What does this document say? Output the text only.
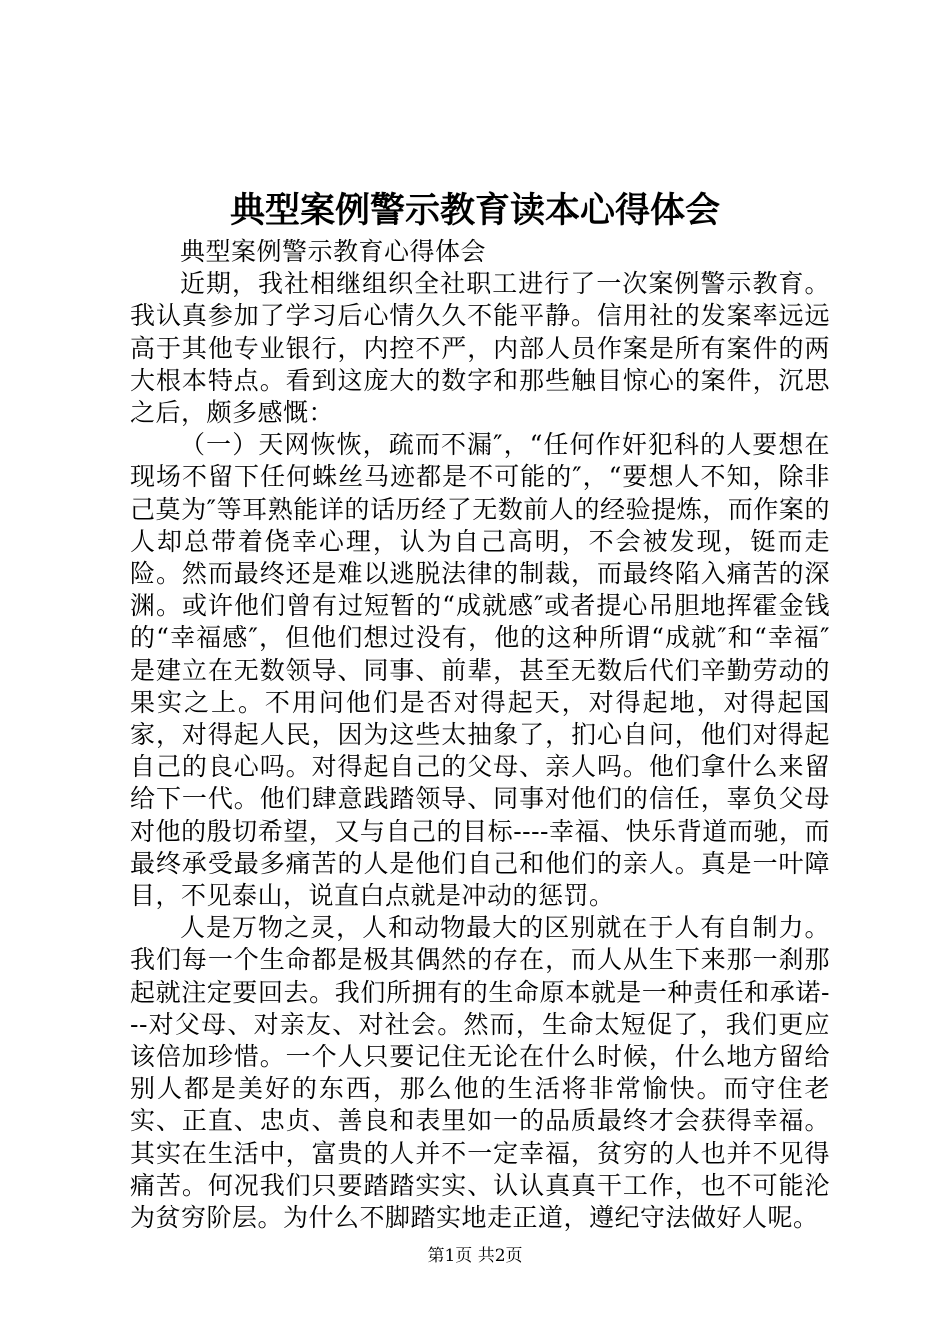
典型案例警示教育读本心得体会

典型案例警示教育心得体会

近期，我社相继组织全社职工进行了一次案例警示教育。我认真参加了学习后心情久久不能平静。信用社的发案率远远高于其他专业银行，内控不严，内部人员作案是所有案件的两大根本特点。看到这庞大的数字和那些触目惊心的案件，沉思之后，颇多感慨：

（一）天网恢恢，疏而不漏″，“任何作奸犯科的人要想在现场不留下任何蛛丝马迹都是不可能的″，“要想人不知，除非己莫为″等耳熟能详的话历经了无数前人的经验提炼，而作案的人却总带着侥幸心理，认为自己高明，不会被发现，铤而走险。然而最终还是难以逃脱法律的制裁，而最终陷入痛苦的深渊。或许他们曾有过短暂的“成就感″或者提心吊胆地挥霍金钱的“幸福感″，但他们想过没有，他的这种所谓“成就″和“幸福″是建立在无数领导、同事、前辈，甚至无数后代们辛勤劳动的果实之上。不用问他们是否对得起天，对得起地，对得起国家，对得起人民，因为这些太抽象了，扪心自问，他们对得起自己的良心吗。对得起自己的父母、亲人吗。他们拿什么来留给下一代。他们肆意践踏领导、同事对他们的信任，辜负父母对他的殷切希望，又与自己的目标----幸福、快乐背道而驰，而最终承受最多痛苦的人是他们自己和他们的亲人。真是一叶障目，不见泰山，说直白点就是冲动的惩罚。

人是万物之灵，人和动物最大的区别就在于人有自制力。我们每一个生命都是极其偶然的存在，而人从生下来那一刹那起就注定要回去。我们所拥有的生命原本就是一种责任和承诺---对父母、对亲友、对社会。然而，生命太短促了，我们更应该倍加珍惜。一个人只要记住无论在什么时候，什么地方留给别人都是美好的东西，那么他的生活将非常愉快。而守住老实、正直、忠贞、善良和表里如一的品质最终才会获得幸福。其实在生活中，富贵的人并不一定幸福，贫穷的人也并不见得痛苦。何况我们只要踏踏实实、认认真真干工作，也不可能沦为贫穷阶层。为什么不脚踏实地走正道，遵纪守法做好人呢。

第1页 共2页
